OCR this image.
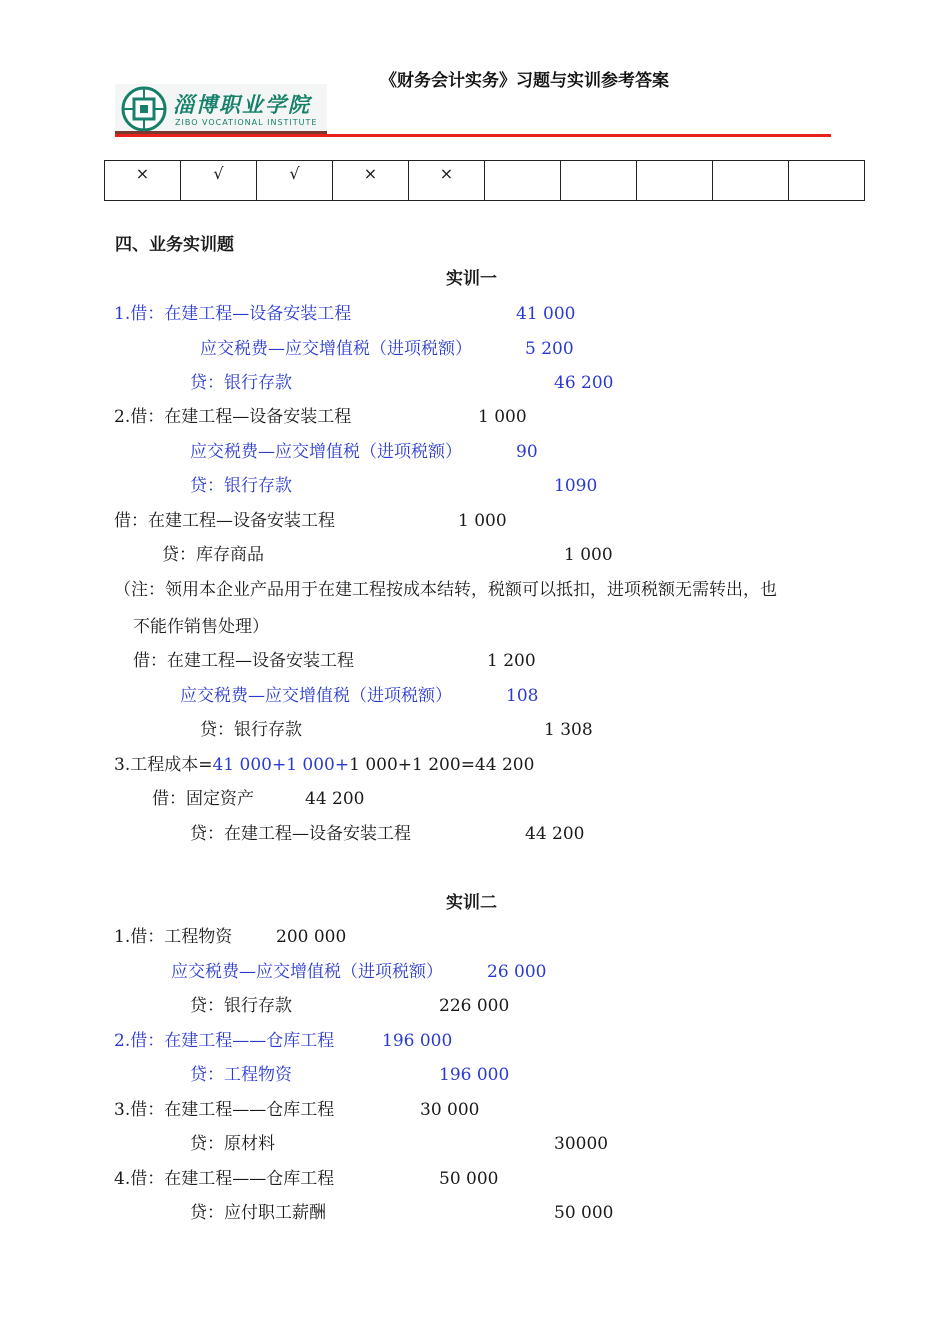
《财务会计实务》习题与实训参考答案
淄博职业学院
ZIBO VOCATIONAL INSTITUTE
×	√	√	×	×					
四、业务实训题
实训一
1.借：在建工程—设备安装工程	41 000
应交税费—应交增值税（进项税额）	5 200
贷：银行存款	46 200
2.借：在建工程—设备安装工程	1 000
应交税费—应交增值税（进项税额）	90
贷：银行存款	1090
借：在建工程—设备安装工程	1 000
贷：库存商品	1 000
（注：领用本企业产品用于在建工程按成本结转，税额可以抵扣，进项税额无需转出，也
不能作销售处理）
借：在建工程—设备安装工程	1 200
应交税费—应交增值税（进项税额）	108
贷：银行存款	1 308
3.工程成本=41 000+1 000+1 000+1 200=44 200
借：固定资产	44 200
贷：在建工程—设备安装工程	44 200
实训二
1.借：工程物资	200 000
应交税费—应交增值税（进项税额）	26 000
贷：银行存款	226 000
2.借：在建工程——仓库工程	196 000
贷：工程物资	196 000
3.借：在建工程——仓库工程	30 000
贷：原材料	30000
4.借：在建工程——仓库工程	50 000
贷：应付职工薪酬	50 000
